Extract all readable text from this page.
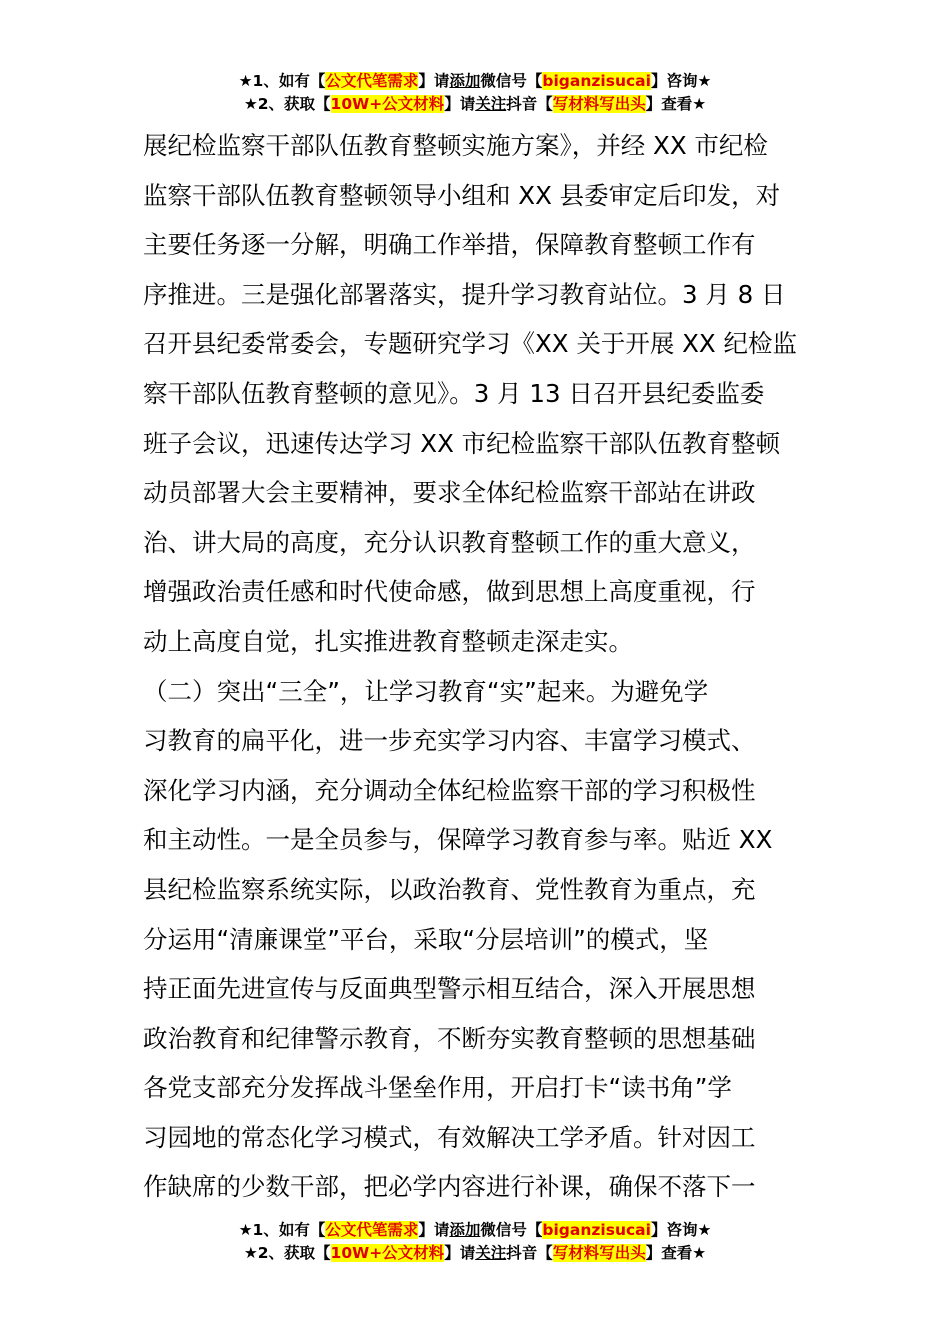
★1、如有【公文代笔需求】请添加微信号【biganzisucai】咨询★
★2、获取【10W+公文材料】请关注抖音【写材料写出头】查看★
展纪检监察干部队伍教育整顿实施方案》，并经 XX 市纪检
监察干部队伍教育整顿领导小组和 XX 县委审定后印发，对
主要任务逐一分解，明确工作举措，保障教育整顿工作有
序推进。三是强化部署落实，提升学习教育站位。3 月 8 日
召开县纪委常委会，专题研究学习《XX 关于开展 XX 纪检监
察干部队伍教育整顿的意见》。3 月 13 日召开县纪委监委
班子会议，迅速传达学习 XX 市纪检监察干部队伍教育整顿
动员部署大会主要精神，要求全体纪检监察干部站在讲政
治、讲大局的高度，充分认识教育整顿工作的重大意义，
增强政治责任感和时代使命感，做到思想上高度重视，行
动上高度自觉，扎实推进教育整顿走深走实。
（二）突出“三全”，让学习教育“实”起来。为避免学
习教育的扁平化，进一步充实学习内容、丰富学习模式、
深化学习内涵，充分调动全体纪检监察干部的学习积极性
和主动性。一是全员参与，保障学习教育参与率。贴近 XX
县纪检监察系统实际，以政治教育、党性教育为重点，充
分运用“清廉课堂”平台，采取“分层培训”的模式，坚
持正面先进宣传与反面典型警示相互结合，深入开展思想
政治教育和纪律警示教育，不断夯实教育整顿的思想基础
各党支部充分发挥战斗堡垒作用，开启打卡“读书角”学
习园地的常态化学习模式，有效解决工学矛盾。针对因工
作缺席的少数干部，把必学内容进行补课，确保不落下一
★1、如有【公文代笔需求】请添加微信号【biganzisucai】咨询★
★2、获取【10W+公文材料】请关注抖音【写材料写出头】查看★
